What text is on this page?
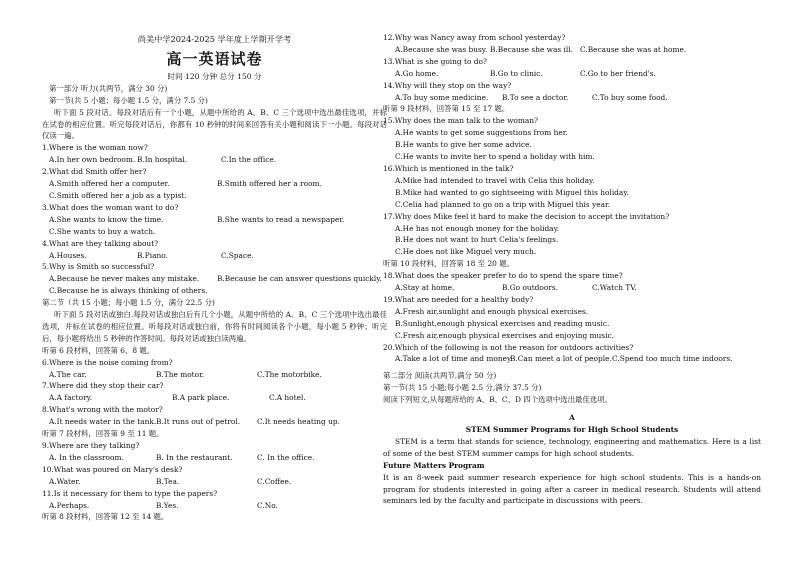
尚美中学2024-2025 学年度上学期开学考
高一英语试卷
时间 120 分钟 总分 150 分
第一部分 听力(共两节，满分 30 分)
第一节(共 5 小题；每小题 1.5 分，满分 7.5 分)
听下面 5 段对话。每段对话后有一个小题，从题中所给的 A、B、C 三个选项中选出最佳选项，并标在试卷的相应位置。听完每段对话后，你都有 10 秒钟的时间来回答有关小题和阅读下一小题。每段对话仅读一遍。
1.Where is the woman now?
A.In her own bedroom. B.In hospital.	C.In the office.
2.What did Smith offer her?
A.Smith offered her a computer.	B.Smith offered her a room.
C.Smith offered her a job as a typist.
3.What does the woman want to do?
A.She wants to know the time.	B.She wants to read a newspaper.
C.She wants to buy a watch.
4.What are they talking about?
A.Houses.	B.Piano.	C.Space.
5.Why is Smith so successful?
A.Because he never makes any mistake.	B.Because he can answer questions quickly.
C.Because he is always thinking of others.
第二节（共 15 小题；每小题 1.5 分，满分 22.5 分)
听下面 5 段对话或独白.每段对话或独白后有几个小题，从题中所给的 A、B、C 三个选项中选出最佳选项，并标在试卷的相应位置。听每段对话或独白前，你将有时间阅读各个小题，每小题 5 秒钟；听完后，每小题将给出 5 秒钟的作答时间。每段对话或独白读两遍。
听第 6 段材料，回答第 6、8 题。
6.Where is the noise coming from?
A.The car.	B.The motor.	C.The motorbike.
7.Where did they stop their car?
A.A factory.	B.A park place.	C.A hotel.
8.What's wrong with the motor?
A.It needs water in the tank. B.It runs out of petrol.	C.It needs heating up.
听第 7 段材料，回答第 9 至 11 题。
9.Where are they talking?
A. In the classroom.	B. In the restaurant.	C. In the office.
10.What was poured on Mary's desk?
A.Water.	B.Tea.	C.Coffee.
11.Is it necessary for them to type the papers?
A.Perhaps.	B.Yes.	C.No.
听第 8 段材料，回答第 12 至 14 题。
12.Why was Nancy away from school yesterday?
A.Because she was busy. B.Because she was ill. C.Because she was at home.
13.What is she going to do?
A.Go home.	B.Go to clinic.	C.Go to her friend's.
14.Why will they stop on the way?
A.To buy some medicine.	B.To see a doctor.	C.To buy some food.
听第 9 段材料，回答第 15 至 17 题。
15.Why does the man talk to the woman?
A.He wants to get some suggestions from her.
B.He wants to give her some advice.
C.He wants to invite her to spend a holiday with him.
16.Which is mentioned in the talk?
A.Mike had intended to travel with Celia this holiday.
B.Mike had wanted to go sightseeing with Miguel this holiday.
C.Celia had planned to go on a trip with Miguel this year.
17.Why does Mike feel it hard to make the decision to accept the invitation?
A.He has not enough money for the holiday.
B.He does not want to hurt Celia's feelings.
C.He does not like Miguel very much.
听第 10 段材料，回答第 18 至 20 题。
18.What does the speaker prefer to do to spend the spare time?
A.Stay at home.	B.Go outdoors.	C.Watch TV.
19.What are needed for a healthy body?
A.Fresh air,sunlight and enough physical exercises.
B.Sunlight,enough physical exercises and reading music.
C.Fresh air,enough physical exercises and enjoying music.
20.Which of the following is not the reason for outdoors activities?
A.Take a lot of time and money.
B.Can meet a lot of people. C.Spend too much time indoors.
第二部分 阅读(共两节,满分 50 分)
第一节(共 15 小题;每小题 2.5 分,满分 37.5 分)
阅读下列短文,从每题所给的 A、B、C、D 四个选项中选出最佳选项。
A
STEM Summer Programs for High School Students
STEM is a term that stands for science, technology, engineering and mathematics. Here is a list of some of the best STEM summer camps for high school students.
Future Matters Program
It is an 8-week paid summer research experience for high school students. This is a hands-on program for students interested in going after a career in medical research. Students will attend seminars led by the faculty and participate in discussions with peers.
